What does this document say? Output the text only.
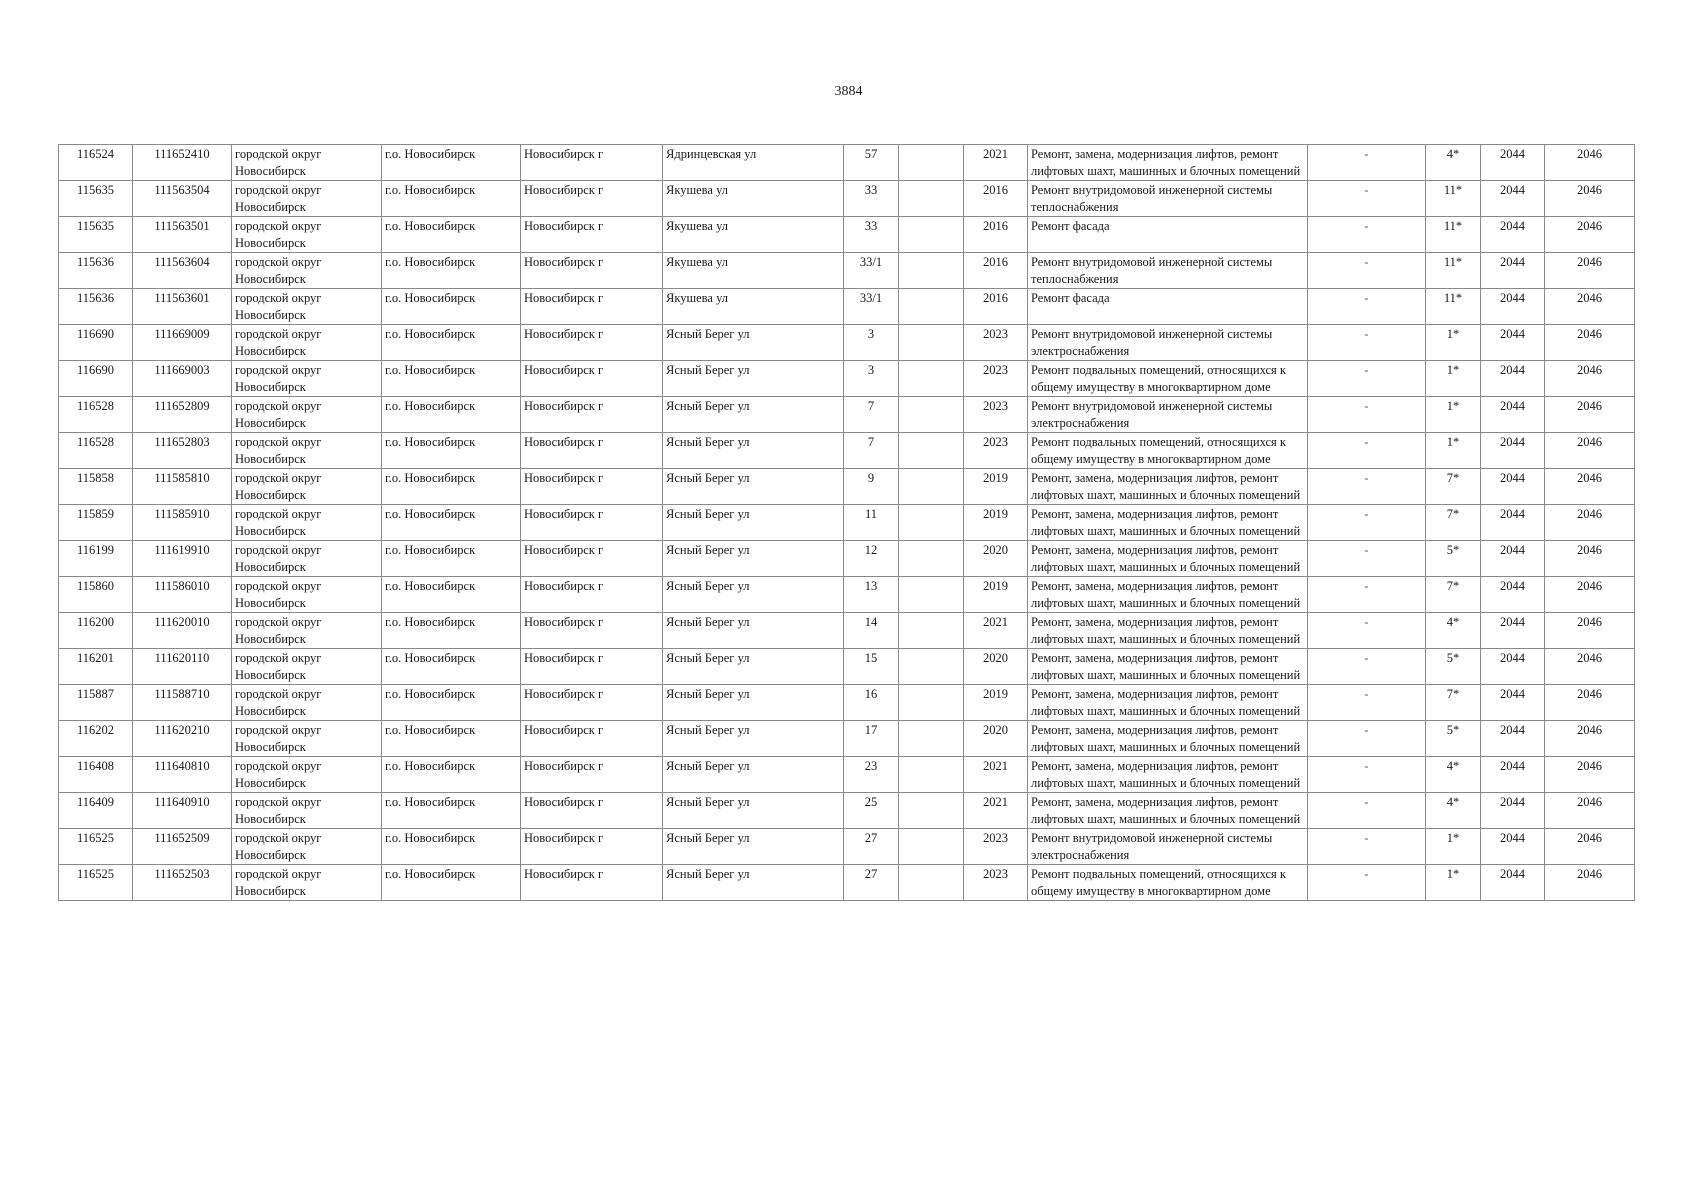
3884
116524	111652410	городской округ Новосибирск	г.о. Новосибирск	Новосибирск г	Ядринцевская ул	57		2021	Ремонт, замена, модернизация лифтов, ремонт лифтовых шахт, машинных и блочных помещений	-	4*	2044	2046
115635	111563504	городской округ Новосибирск	г.о. Новосибирск	Новосибирск г	Якушева ул	33		2016	Ремонт внутридомовой инженерной системы теплоснабжения	-	11*	2044	2046
115635	111563501	городской округ Новосибирск	г.о. Новосибирск	Новосибирск г	Якушева ул	33		2016	Ремонт фасада	-	11*	2044	2046
115636	111563604	городской округ Новосибирск	г.о. Новосибирск	Новосибирск г	Якушева ул	33/1		2016	Ремонт внутридомовой инженерной системы теплоснабжения	-	11*	2044	2046
115636	111563601	городской округ Новосибирск	г.о. Новосибирск	Новосибирск г	Якушева ул	33/1		2016	Ремонт фасада	-	11*	2044	2046
116690	111669009	городской округ Новосибирск	г.о. Новосибирск	Новосибирск г	Ясный Берег ул	3		2023	Ремонт внутридомовой инженерной системы электроснабжения	-	1*	2044	2046
116690	111669003	городской округ Новосибирск	г.о. Новосибирск	Новосибирск г	Ясный Берег ул	3		2023	Ремонт подвальных помещений, относящихся к общему имуществу в многоквартирном доме	-	1*	2044	2046
116528	111652809	городской округ Новосибирск	г.о. Новосибирск	Новосибирск г	Ясный Берег ул	7		2023	Ремонт внутридомовой инженерной системы электроснабжения	-	1*	2044	2046
116528	111652803	городской округ Новосибирск	г.о. Новосибирск	Новосибирск г	Ясный Берег ул	7		2023	Ремонт подвальных помещений, относящихся к общему имуществу в многоквартирном доме	-	1*	2044	2046
115858	111585810	городской округ Новосибирск	г.о. Новосибирск	Новосибирск г	Ясный Берег ул	9		2019	Ремонт, замена, модернизация лифтов, ремонт лифтовых шахт, машинных и блочных помещений	-	7*	2044	2046
115859	111585910	городской округ Новосибирск	г.о. Новосибирск	Новосибирск г	Ясный Берег ул	11		2019	Ремонт, замена, модернизация лифтов, ремонт лифтовых шахт, машинных и блочных помещений	-	7*	2044	2046
116199	111619910	городской округ Новосибирск	г.о. Новосибирск	Новосибирск г	Ясный Берег ул	12		2020	Ремонт, замена, модернизация лифтов, ремонт лифтовых шахт, машинных и блочных помещений	-	5*	2044	2046
115860	111586010	городской округ Новосибирск	г.о. Новосибирск	Новосибирск г	Ясный Берег ул	13		2019	Ремонт, замена, модернизация лифтов, ремонт лифтовых шахт, машинных и блочных помещений	-	7*	2044	2046
116200	111620010	городской округ Новосибирск	г.о. Новосибирск	Новосибирск г	Ясный Берег ул	14		2021	Ремонт, замена, модернизация лифтов, ремонт лифтовых шахт, машинных и блочных помещений	-	4*	2044	2046
116201	111620110	городской округ Новосибирск	г.о. Новосибирск	Новосибирск г	Ясный Берег ул	15		2020	Ремонт, замена, модернизация лифтов, ремонт лифтовых шахт, машинных и блочных помещений	-	5*	2044	2046
115887	111588710	городской округ Новосибирск	г.о. Новосибирск	Новосибирск г	Ясный Берег ул	16		2019	Ремонт, замена, модернизация лифтов, ремонт лифтовых шахт, машинных и блочных помещений	-	7*	2044	2046
116202	111620210	городской округ Новосибирск	г.о. Новосибирск	Новосибирск г	Ясный Берег ул	17		2020	Ремонт, замена, модернизация лифтов, ремонт лифтовых шахт, машинных и блочных помещений	-	5*	2044	2046
116408	111640810	городской округ Новосибирск	г.о. Новосибирск	Новосибирск г	Ясный Берег ул	23		2021	Ремонт, замена, модернизация лифтов, ремонт лифтовых шахт, машинных и блочных помещений	-	4*	2044	2046
116409	111640910	городской округ Новосибирск	г.о. Новосибирск	Новосибирск г	Ясный Берег ул	25		2021	Ремонт, замена, модернизация лифтов, ремонт лифтовых шахт, машинных и блочных помещений	-	4*	2044	2046
116525	111652509	городской округ Новосибирск	г.о. Новосибирск	Новосибирск г	Ясный Берег ул	27		2023	Ремонт внутридомовой инженерной системы электроснабжения	-	1*	2044	2046
116525	111652503	городской округ Новосибирск	г.о. Новосибирск	Новосибирск г	Ясный Берег ул	27		2023	Ремонт подвальных помещений, относящихся к общему имуществу в многоквартирном доме	-	1*	2044	2046
